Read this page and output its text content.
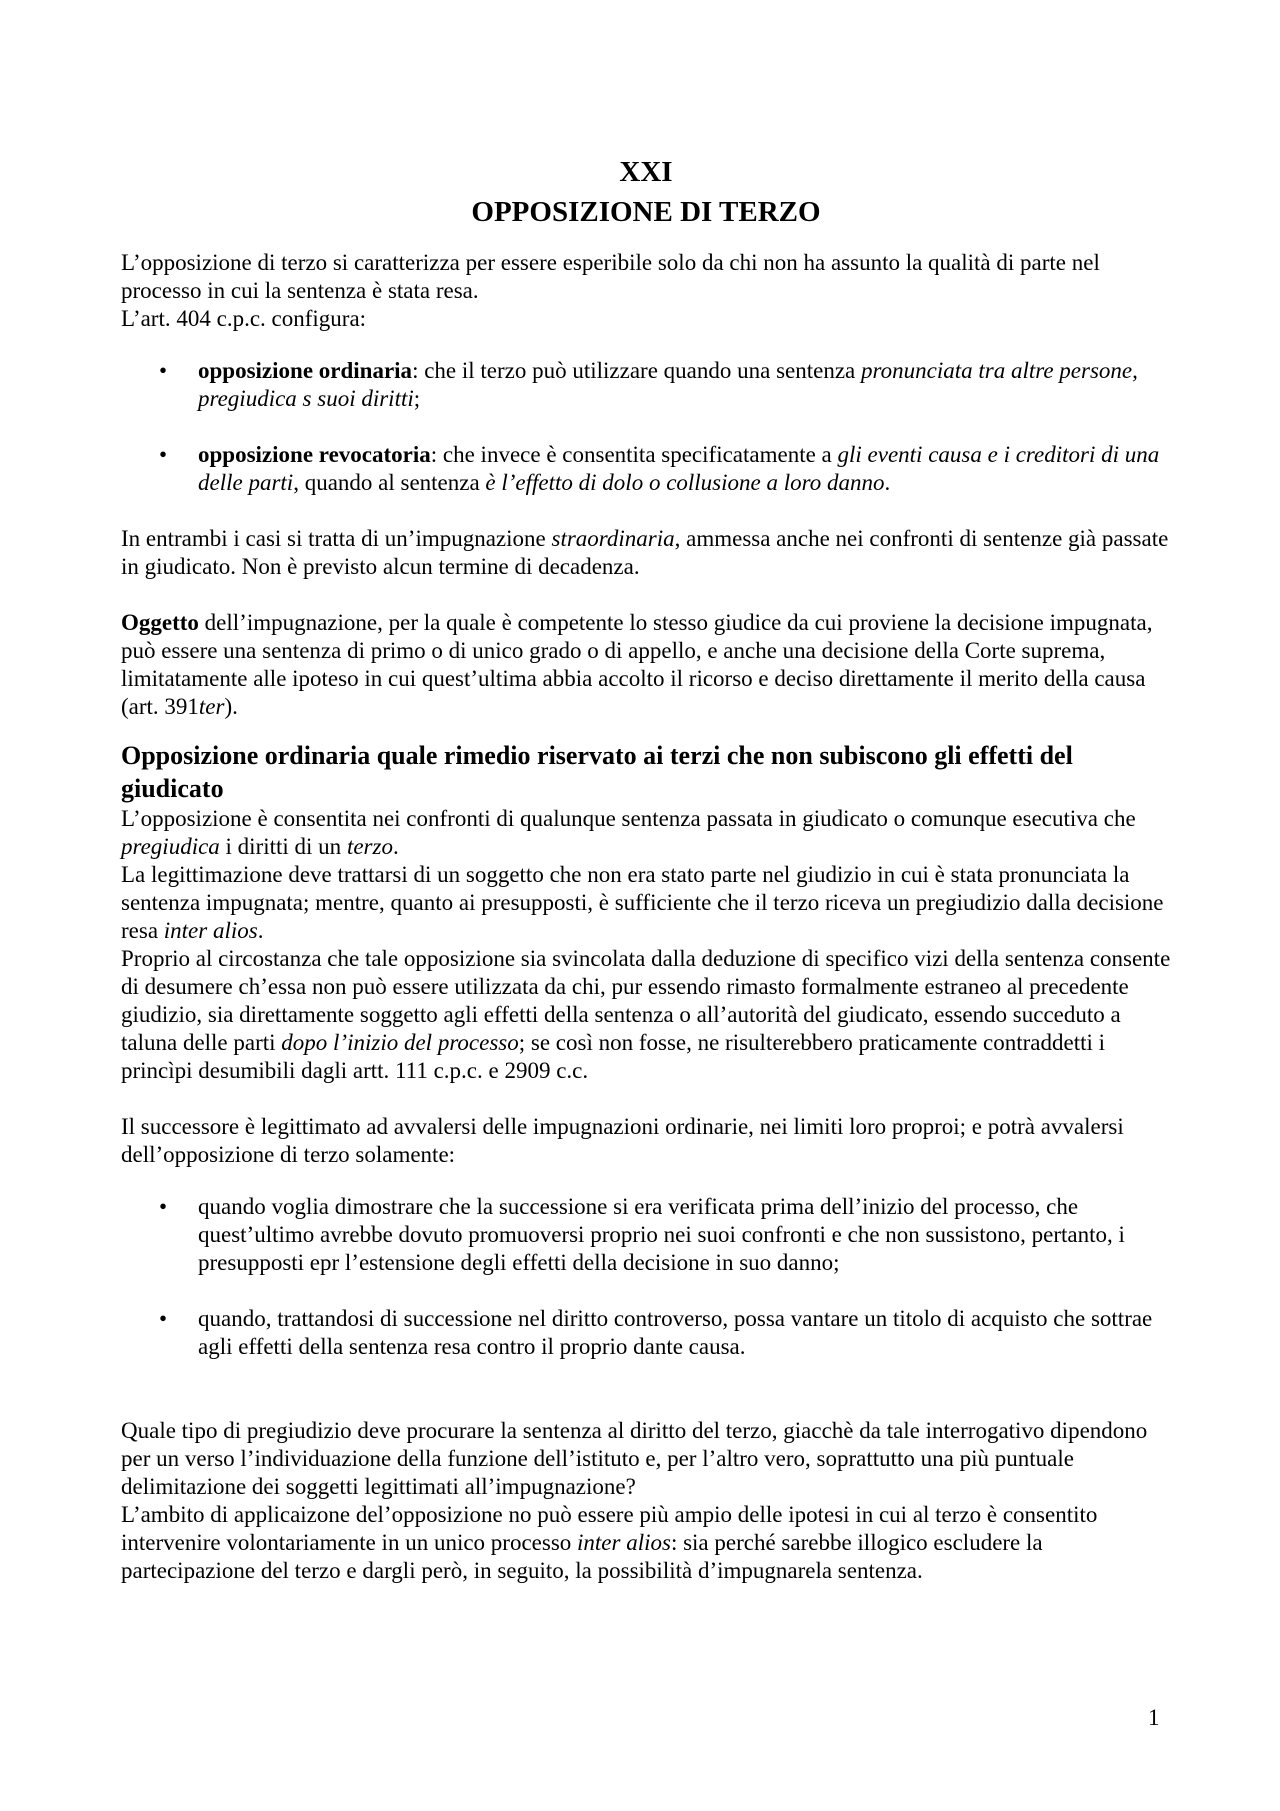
XXI
OPPOSIZIONE DI TERZO

L’opposizione di terzo si caratterizza per essere esperibile solo da chi non ha assunto la qualità di parte nel processo in cui la sentenza è stata resa.

L’art. 404 c.p.c. configura:

• opposizione ordinaria: che il terzo può utilizzare quando una sentenza pronunciata tra altre persone, pregiudica s suoi diritti;
• opposizione revocatoria: che invece è consentita specificatamente a gli eventi causa e i creditori di una delle parti, quando al sentenza è l’effetto di dolo o collusione a loro danno.

In entrambi i casi si tratta di un’impugnazione straordinaria, ammessa anche nei confronti di sentenze già passate in giudicato. Non è previsto alcun termine di decadenza.

Oggetto dell’impugnazione, per la quale è competente lo stesso giudice da cui proviene la decisione impugnata, può essere una sentenza di primo o di unico grado o di appello, e anche una decisione della Corte suprema, limitatamente alle ipoteso in cui quest’ultima abbia accolto il ricorso e deciso direttamente il merito della causa (art. 391ter).

Opposizione ordinaria quale rimedio riservato ai terzi che non subiscono gli effetti del giudicato

L’opposizione è consentita nei confronti di qualunque sentenza passata in giudicato o comunque esecutiva che pregiudica i diritti di un terzo.

La legittimazione deve trattarsi di un soggetto che non era stato parte nel giudizio in cui è stata pronunciata la sentenza impugnata; mentre, quanto ai presupposti, è sufficiente che il terzo riceva un pregiudizio dalla decisione resa inter alios.

Proprio al circostanza che tale opposizione sia svincolata dalla deduzione di specifico vizi della sentenza consente di desumere ch’essa non può essere utilizzata da chi, pur essendo rimasto formalmente estraneo al precedente giudizio, sia direttamente soggetto agli effetti della sentenza o all’autorità del giudicato, essendo succeduto a taluna delle parti dopo l’inizio del processo; se così non fosse, ne risulterebbero praticamente contraddetti i princìpi desumibili dagli artt. 111 c.p.c. e 2909 c.c.

Il successore è legittimato ad avvalersi delle impugnazioni ordinarie, nei limiti loro proproi; e potrà avvalersi dell’opposizione di terzo solamente:

• quando voglia dimostrare che la successione si era verificata prima dell’inizio del processo, che quest’ultimo avrebbe dovuto promuoversi proprio nei suoi confronti e che non sussistono, pertanto, i presupposti epr l’estensione degli effetti della decisione in suo danno;
• quando, trattandosi di successione nel diritto controverso, possa vantare un titolo di acquisto che sottrae agli effetti della sentenza resa contro il proprio dante causa.

Quale tipo di pregiudizio deve procurare la sentenza al diritto del terzo, giacchè da tale interrogativo dipendono per un verso l’individuazione della funzione dell’istituto e, per l’altro vero, soprattutto una più puntuale delimitazione dei soggetti legittimati all’impugnazione?

L’ambito di applicaizone del’opposizione no può essere più ampio delle ipotesi in cui al terzo è consentito intervenire volontariamente in un unico processo inter alios: sia perché sarebbe illogico escludere la partecipazione del terzo e dargli però, in seguito, la possibilità d’impugnarela sentenza.

1
